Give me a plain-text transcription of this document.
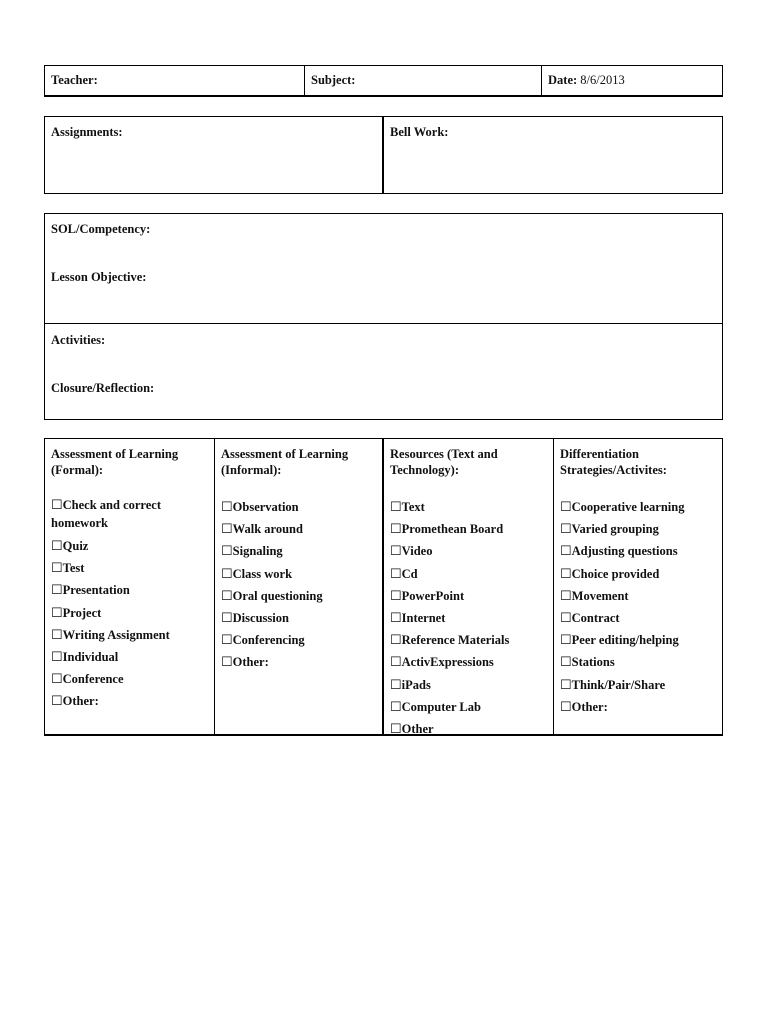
Teacher:	Subject:	Date: 8/6/2013
Assignments:	Bell Work:
SOL/Competency:
Lesson Objective:
Activities:
Closure/Reflection:
Assessment of Learning (Formal):
☐Check and correct homework
☐Quiz
☐Test
☐Presentation
☐Project
☐Writing Assignment
☐Individual
☐Conference
☐Other:
Assessment of Learning (Informal):
☐Observation
☐Walk around
☐Signaling
☐Class work
☐Oral questioning
☐Discussion
☐Conferencing
☐Other:
Resources (Text and Technology):
☐Text
☐Promethean Board
☐Video
☐Cd
☐PowerPoint
☐Internet
☐Reference Materials
☐ActivExpressions
☐iPads
☐Computer Lab
☐Other
Differentiation Strategies/Activites:
☐Cooperative learning
☐Varied grouping
☐Adjusting questions
☐Choice provided
☐Movement
☐Contract
☐Peer editing/helping
☐Stations
☐Think/Pair/Share
☐Other:
